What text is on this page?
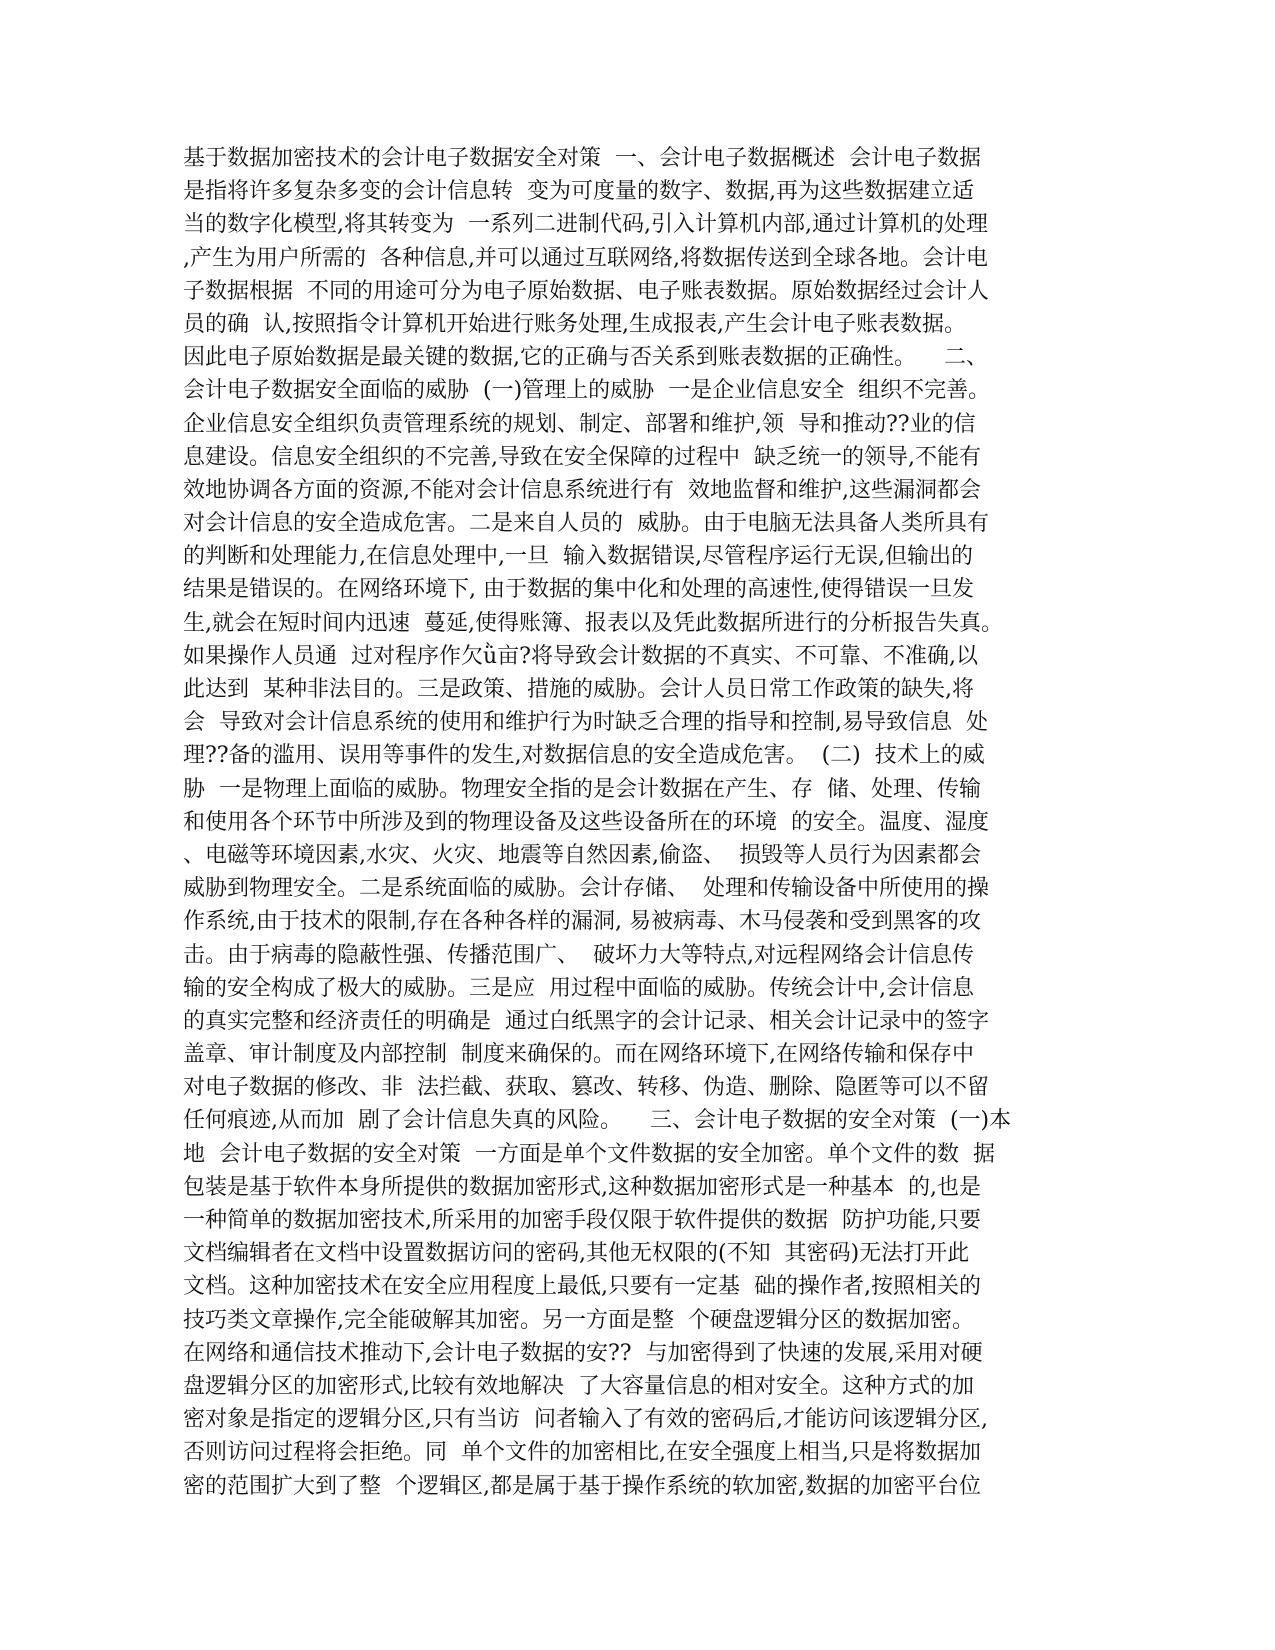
基于数据加密技术的会计电子数据安全对策  一、会计电子数据概述  会计电子数据
是指将许多复杂多变的会计信息转  变为可度量的数字、数据,再为这些数据建立适
当的数字化模型,将其转变为  一系列二进制代码,引入计算机内部,通过计算机的处理
,产生为用户所需的  各种信息,并可以通过互联网络,将数据传送到全球各地。会计电
子数据根据  不同的用途可分为电子原始数据、电子账表数据。原始数据经过会计人
员的确  认,按照指令计算机开始进行账务处理,生成报表,产生会计电子账表数据。
因此电子原始数据是最关键的数据,它的正确与否关系到账表数据的正确性。    二、
会计电子数据安全面临的威胁  (一)管理上的威胁  一是企业信息安全  组织不完善。
企业信息安全组织负责管理系统的规划、制定、部署和维护,领  导和推动??业的信
息建设。信息安全组织的不完善,导致在安全保障的过程中  缺乏统一的领导,不能有
效地协调各方面的资源,不能对会计信息系统进行有  效地监督和维护,这些漏洞都会
对会计信息的安全造成危害。二是来自人员的  威胁。由于电脑无法具备人类所具有
的判断和处理能力,在信息处理中,一旦  输入数据错误,尽管程序运行无误,但输出的
结果是错误的。在网络环境下, 由于数据的集中化和处理的高速性,使得错误一旦发
生,就会在短时间内迅速  蔓延,使得账簿、报表以及凭此数据所进行的分析报告失真。
如果操作人员通  过对程序作欠ǜ亩?将导致会计数据的不真实、不可靠、不准确,以
此达到  某种非法目的。三是政策、措施的威胁。会计人员日常工作政策的缺失,将
会  导致对会计信息系统的使用和维护行为时缺乏合理的指导和控制,易导致信息  处
理??备的滥用、误用等事件的发生,对数据信息的安全造成危害。  (二)  技术上的威
胁  一是物理上面临的威胁。物理安全指的是会计数据在产生、存  储、处理、传输
和使用各个环节中所涉及到的物理设备及这些设备所在的环境  的安全。温度、湿度
、电磁等环境因素,水灾、火灾、地震等自然因素,偷盗、  损毁等人员行为因素都会
威胁到物理安全。二是系统面临的威胁。会计存储、  处理和传输设备中所使用的操
作系统,由于技术的限制,存在各种各样的漏洞, 易被病毒、木马侵袭和受到黑客的攻
击。由于病毒的隐蔽性强、传播范围广、  破坏力大等特点,对远程网络会计信息传
输的安全构成了极大的威胁。三是应  用过程中面临的威胁。传统会计中,会计信息
的真实完整和经济责任的明确是  通过白纸黑字的会计记录、相关会计记录中的签字
盖章、审计制度及内部控制  制度来确保的。而在网络环境下,在网络传输和保存中
对电子数据的修改、非  法拦截、获取、篡改、转移、伪造、删除、隐匿等可以不留
任何痕迹,从而加  剧了会计信息失真的风险。    三、会计电子数据的安全对策  (一)本
地  会计电子数据的安全对策  一方面是单个文件数据的安全加密。单个文件的数  据
包装是基于软件本身所提供的数据加密形式,这种数据加密形式是一种基本  的,也是
一种简单的数据加密技术,所采用的加密手段仅限于软件提供的数据  防护功能,只要
文档编辑者在文档中设置数据访问的密码,其他无权限的(不知  其密码)无法打开此
文档。这种加密技术在安全应用程度上最低,只要有一定基  础的操作者,按照相关的
技巧类文章操作,完全能破解其加密。另一方面是整  个硬盘逻辑分区的数据加密。
在网络和通信技术推动下,会计电子数据的安??  与加密得到了快速的发展,采用对硬
盘逻辑分区的加密形式,比较有效地解决  了大容量信息的相对安全。这种方式的加
密对象是指定的逻辑分区,只有当访  问者输入了有效的密码后,才能访问该逻辑分区,
否则访问过程将会拒绝。同  单个文件的加密相比,在安全强度上相当,只是将数据加
密的范围扩大到了整  个逻辑区,都是属于基于操作系统的软加密,数据的加密平台位
